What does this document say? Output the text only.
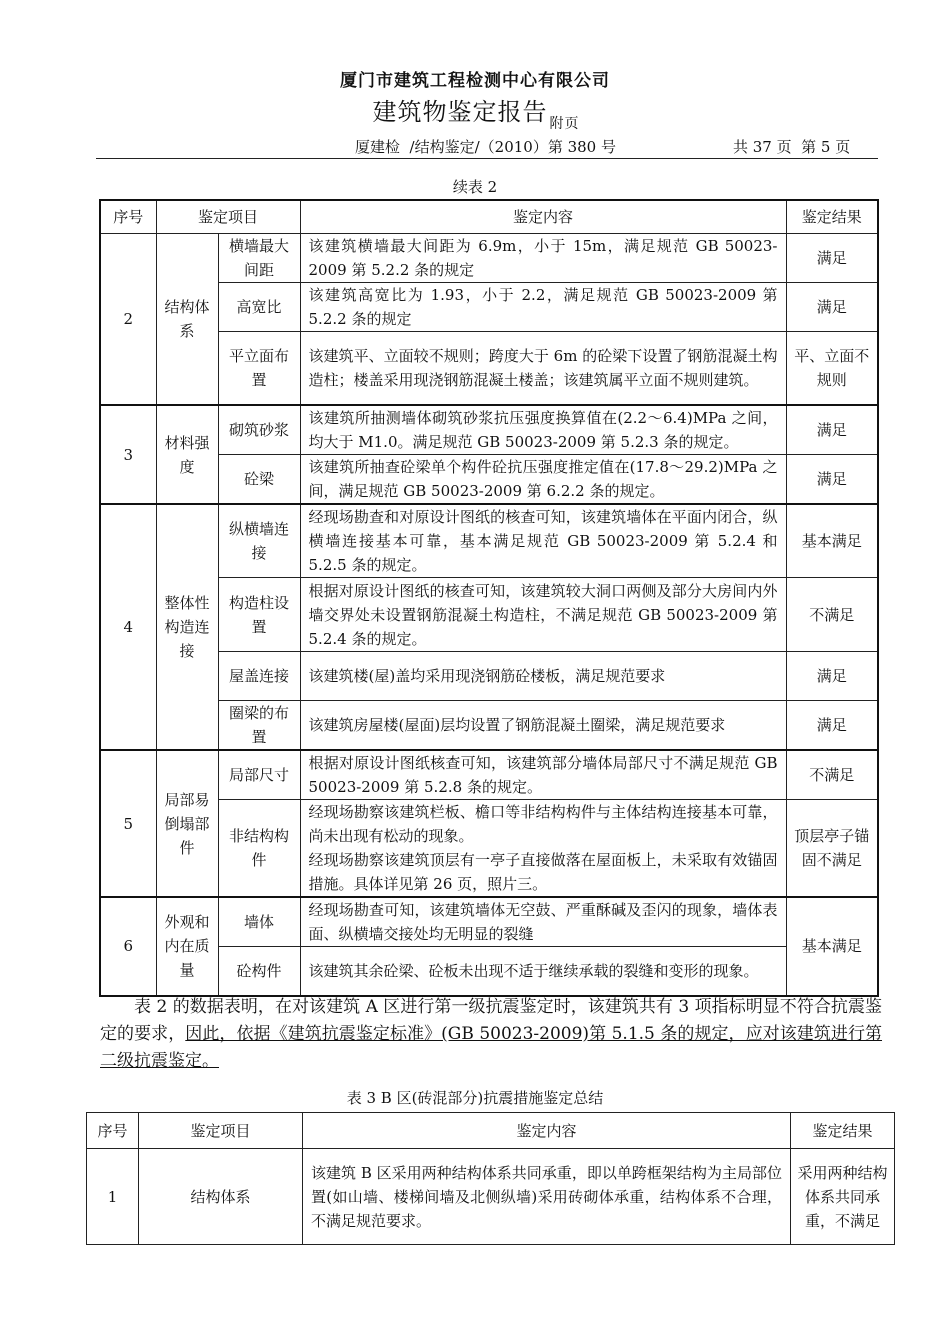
厦门市建筑工程检测中心有限公司
建筑物鉴定报告 $_{附页}$
厦建检  /结构鉴定/（2010）第 380 号	共 37 页  第 5 页
续表 2
序号	鉴定项目		鉴定内容	鉴定结果
2	结构体系	横墙最大间距	该建筑横墙最大间距为 6.9m，小于 15m，满足规范 GB 50023-2009 第 5.2.2 条的规定	满足
		高宽比	该建筑高宽比为 1.93，小于 2.2，满足规范 GB 50023-2009 第 5.2.2 条的规定	满足
		平立面布置	该建筑平、立面较不规则；跨度大于 6m 的砼梁下设置了钢筋混凝土构造柱；楼盖采用现浇钢筋混凝土楼盖；该建筑属平立面不规则建筑。	平、立面不规则
3	材料强度	砌筑砂浆	该建筑所抽测墙体砌筑砂浆抗压强度换算值在(2.2～6.4)MPa 之间，均大于 M1.0。满足规范 GB 50023-2009 第 5.2.3 条的规定。	满足
		砼梁	该建筑所抽查砼梁单个构件砼抗压强度推定值在(17.8～29.2)MPa 之间，满足规范 GB 50023-2009 第 6.2.2 条的规定。	满足
4	整体性构造连接	纵横墙连接	经现场勘查和对原设计图纸的核查可知，该建筑墙体在平面内闭合，纵横墙连接基本可靠，基本满足规范 GB 50023-2009 第 5.2.4 和 5.2.5 条的规定。	基本满足
		构造柱设置	根据对原设计图纸的核查可知，该建筑较大洞口两侧及部分大房间内外墙交界处未设置钢筋混凝土构造柱，不满足规范 GB 50023-2009 第 5.2.4 条的规定。	不满足
		屋盖连接	该建筑楼(屋)盖均采用现浇钢筋砼楼板，满足规范要求	满足
		圈梁的布置	该建筑房屋楼(屋面)层均设置了钢筋混凝土圈梁，满足规范要求	满足
5	局部易倒塌部件	局部尺寸	根据对原设计图纸核查可知，该建筑部分墙体局部尺寸不满足规范 GB 50023-2009 第 5.2.8 条的规定。	不满足
		非结构构件	经现场勘察该建筑栏板、檐口等非结构构件与主体结构连接基本可靠，尚未出现有松动的现象。
经现场勘察该建筑顶层有一亭子直接做落在屋面板上，未采取有效锚固措施。具体详见第 26 页，照片三。	顶层亭子锚固不满足
6	外观和内在质量	墙体	经现场勘查可知，该建筑墙体无空鼓、严重酥碱及歪闪的现象，墙体表面、纵横墙交接处均无明显的裂缝	基本满足
		砼构件	该建筑其余砼梁、砼板未出现不适于继续承载的裂缝和变形的现象。	
表 2 的数据表明，在对该建筑 A 区进行第一级抗震鉴定时，该建筑共有 3 项指标明显不符合抗震鉴定的要求，因此，依据《建筑抗震鉴定标准》(GB 50023-2009)第 5.1.5 条的规定，应对该建筑进行第二级抗震鉴定。
表 3 B 区(砖混部分)抗震措施鉴定总结
序号	鉴定项目	鉴定内容	鉴定结果
1	结构体系	该建筑 B 区采用两种结构体系共同承重，即以单跨框架结构为主局部位置(如山墙、楼梯间墙及北侧纵墙)采用砖砌体承重，结构体系不合理，不满足规范要求。	采用两种结构体系共同承重，不满足
